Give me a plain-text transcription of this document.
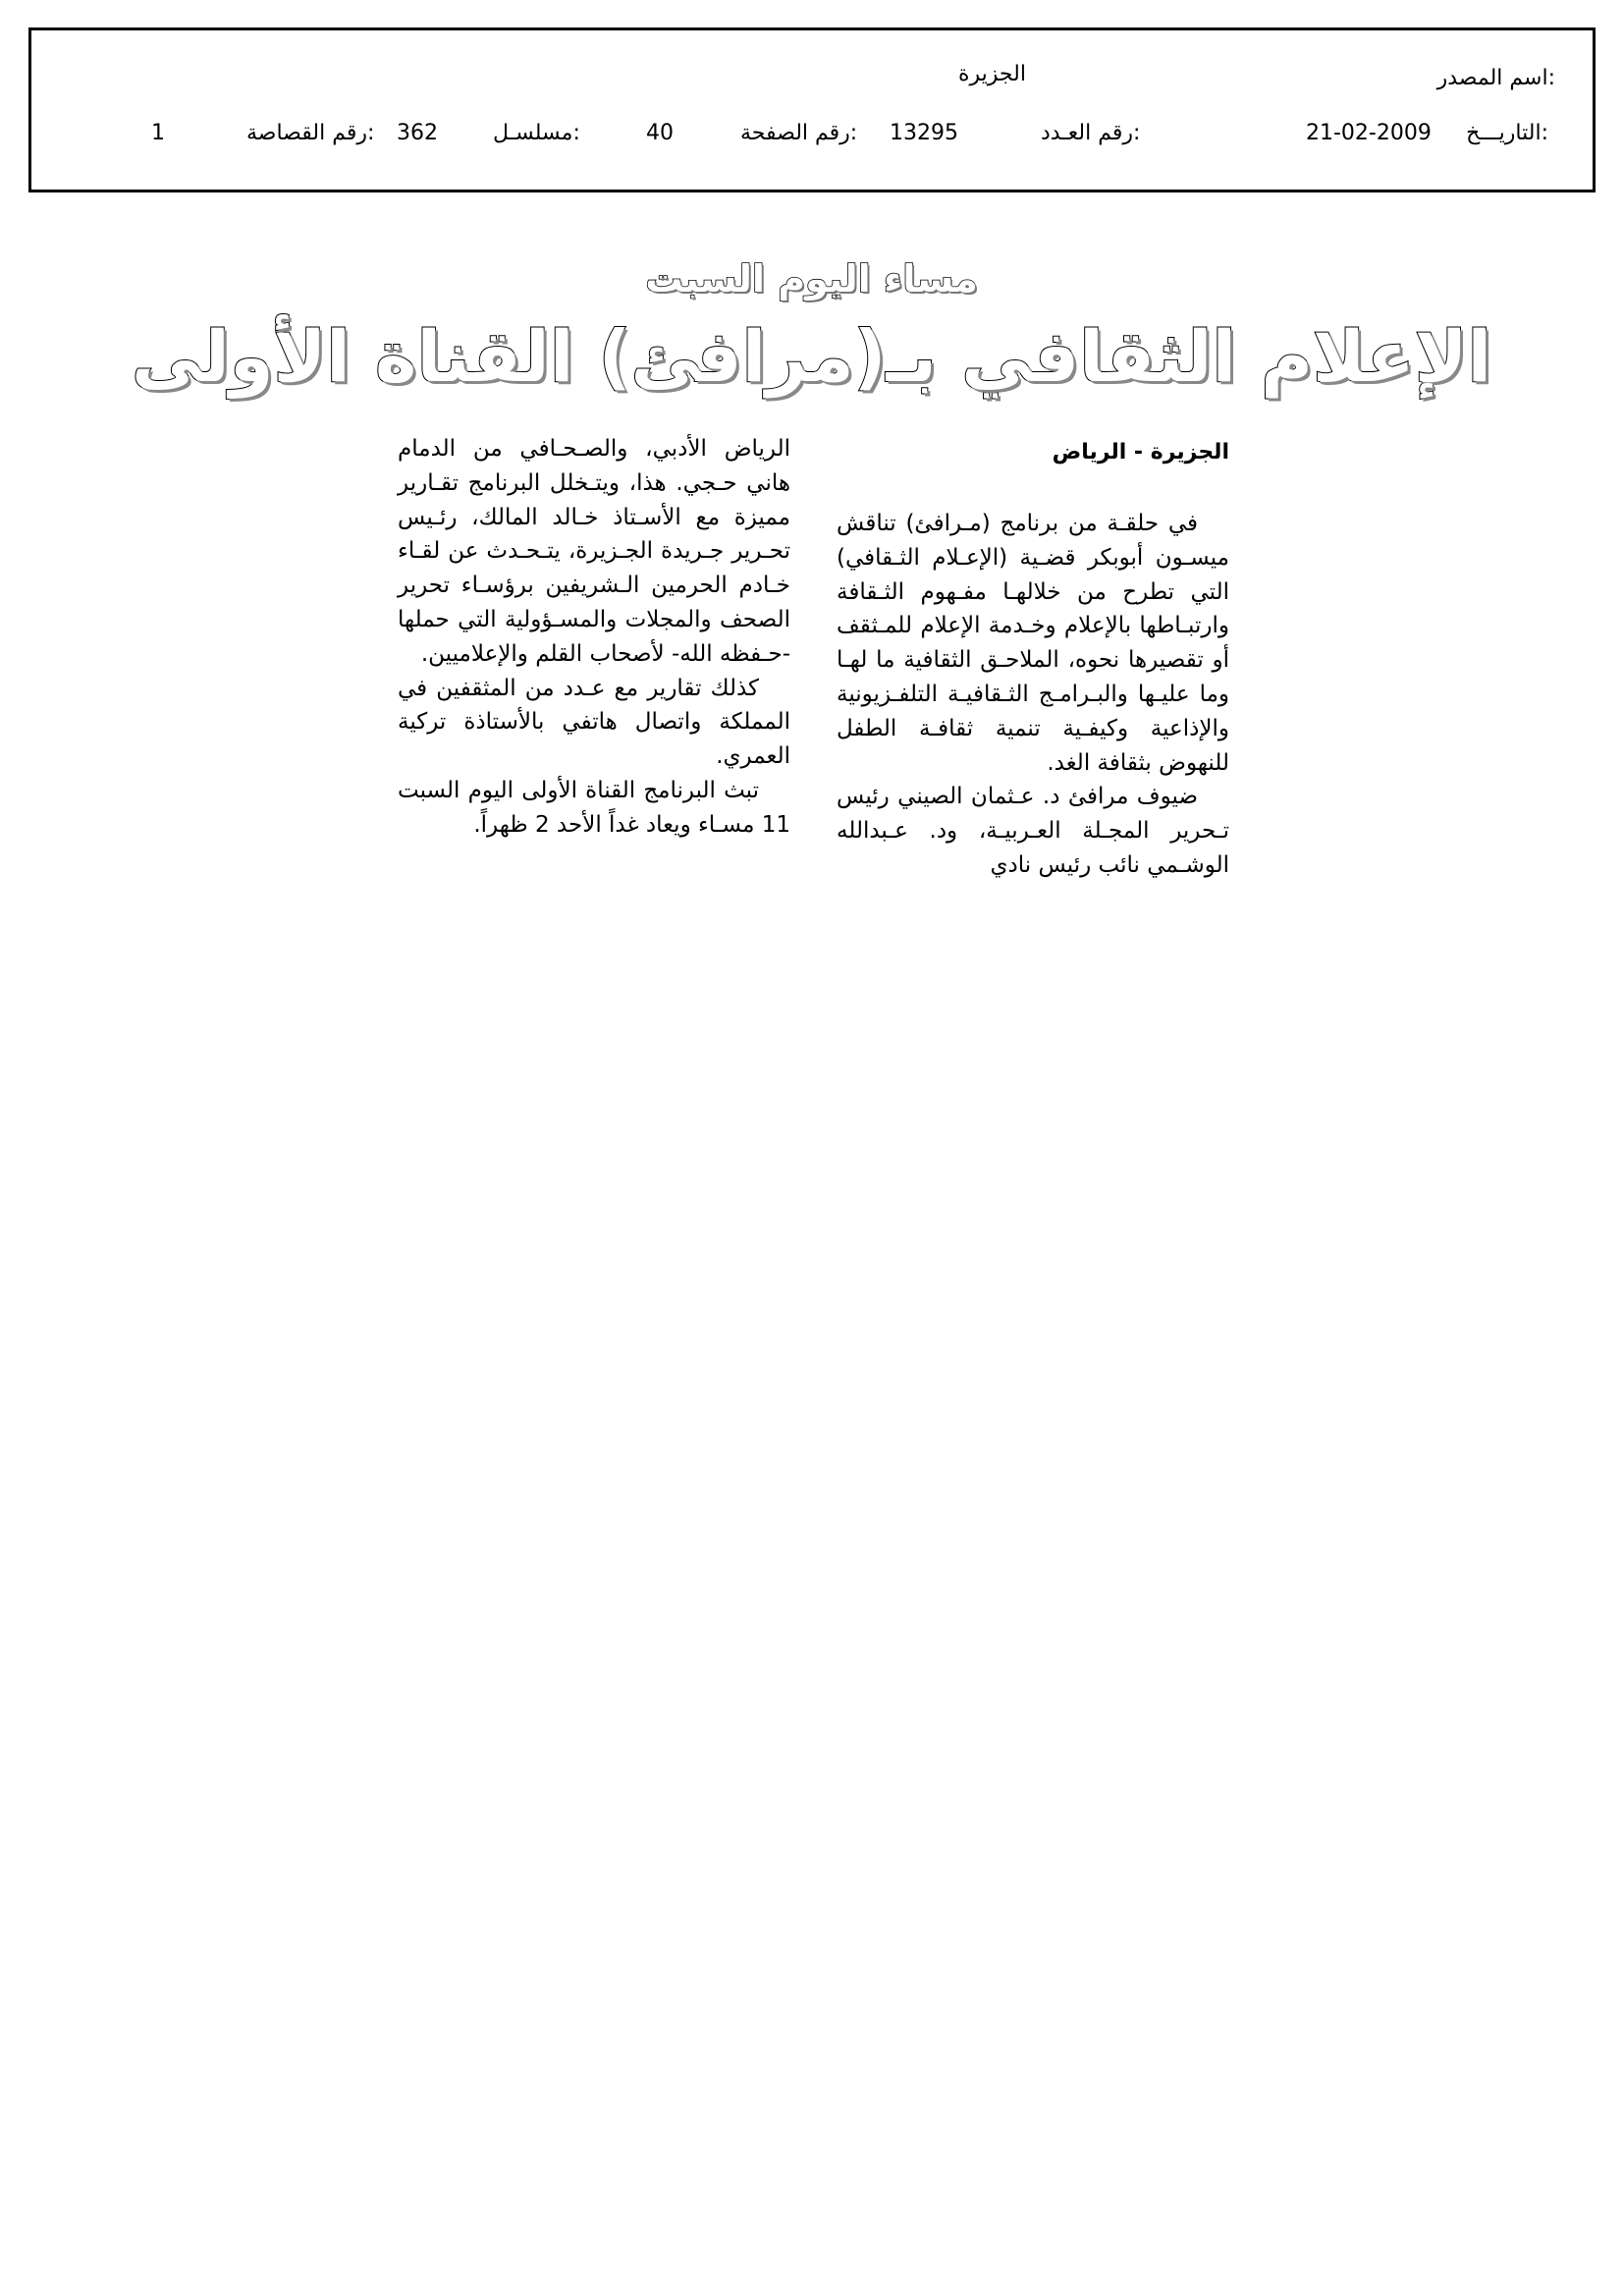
اسم المصدر:
الجزيرة
التاريـــخ:
21-02-2009
رقم العـدد:
13295
رقم الصفحة:
40
مسلسـل:
362
رقم القصاصة:
1
مساء اليوم السبت
الإعلام الثقافي بـ(مرافئ) القناة الأولى
الجزيرة - الرياض

في حلقـة من برنامج (مـرافئ) تناقش ميسـون أبوبكر قضـية (الإعـلام الثـقافي) التي تطرح من خلالهـا مفـهوم الثـقافة وارتبـاطها بالإعلام وخـدمة الإعلام للمـثقف أو تقصيرها نحوه، الملاحـق الثقافية ما لهـا وما عليـها والبـرامـج الثـقافيـة التلفـزيونية والإذاعية وكيفـية تنمية ثقافـة الطفل للنهوض بثقافة الغد.

ضيوف مرافئ د. عـثمان الصيني رئيس تـحرير المجـلة العـربيـة، ود. عـبدالله الوشـمي نائب رئيس نادي

الرياض الأدبي، والصـحـافي من الدمام هاني حـجي. هذا، ويتـخلل البرنامج تقـارير مميزة مع الأسـتاذ خـالد المالك، رئـيس تحـرير جـريدة الجـزيرة، يتـحـدث عن لقـاء خـادم الحرمين الـشريفين برؤسـاء تحرير الصحف والمجلات والمسـؤولية التي حملها -حـفظه الله- لأصحاب القلم والإعلاميين.

كذلك تقارير مع عـدد من المثقفين في المملكة واتصال هاتفي بالأستاذة تركية العمري.

تبث البرنامج القناة الأولى اليوم السبت 11 مسـاء ويعاد غداً الأحد 2 ظهراً.
